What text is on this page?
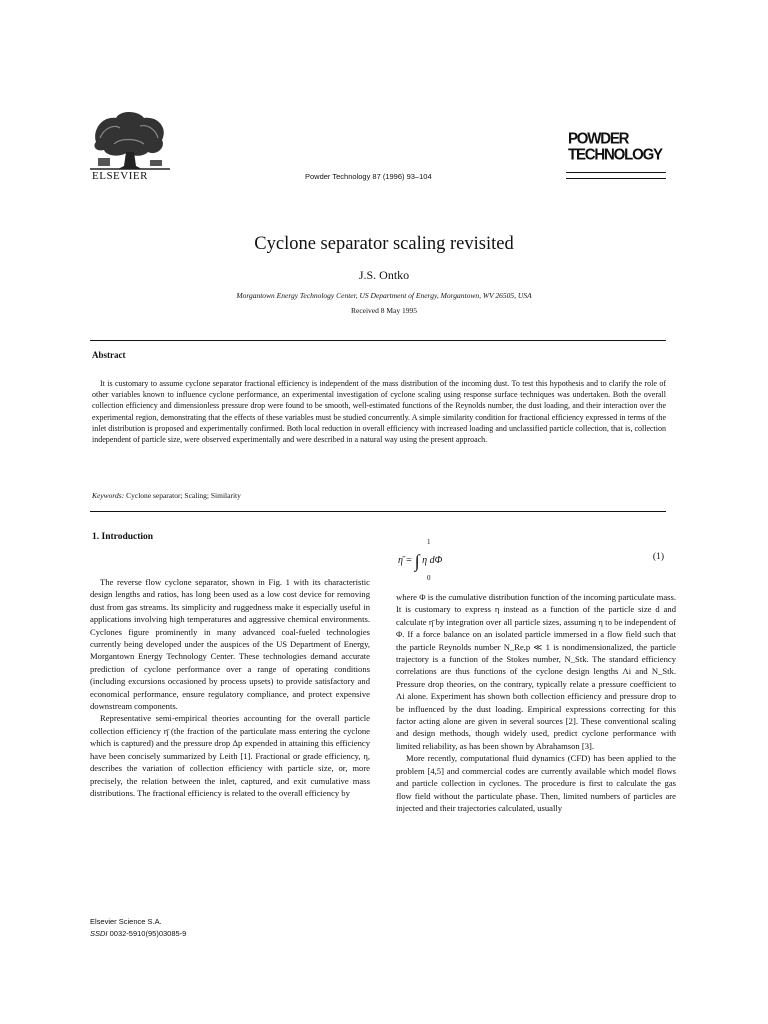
ELSEVIER	Powder Technology 87 (1996) 93–104
POWDER
TECHNOLOGY
Cyclone separator scaling revisited
J.S. Ontko
Morgantown Energy Technology Center, US Department of Energy, Morgantown, WV 26505, USA
Received 8 May 1995
Abstract
It is customary to assume cyclone separator fractional efficiency is independent of the mass distribution of the incoming dust. To test this hypothesis and to clarify the role of other variables known to influence cyclone performance, an experimental investigation of cyclone scaling using response surface techniques was undertaken. Both the overall collection efficiency and dimensionless pressure drop were found to be smooth, well-estimated functions of the Reynolds number, the dust loading, and their interaction over the experimental region, demonstrating that the effects of these variables must be studied concurrently. A simple similarity condition for fractional efficiency expressed in terms of the inlet distribution is proposed and experimentally confirmed. Both local reduction in overall efficiency with increased loading and unclassified particle collection, that is, collection independent of particle size, were observed experimentally and were described in a natural way using the present approach.
Keywords: Cyclone separator; Scaling; Similarity
1. Introduction

The reverse flow cyclone separator, shown in Fig. 1 with its characteristic design lengths and ratios, has long been used as a low cost device for removing dust from gas streams. Its simplicity and ruggedness make it especially useful in applications involving high temperatures and aggressive chemical environments. Cyclones figure prominently in many advanced coal-fueled technologies currently being developed under the auspices of the US Department of Energy, Morgantown Energy Technology Center. These technologies demand accurate prediction of cyclone performance over a range of operating conditions (including excursions occasioned by process upsets) to provide satisfactory and economical performance, ensure regulatory compliance, and protect expensive downstream components.

Representative semi-empirical theories accounting for the overall particle collection efficiency η̄ (the fraction of the particulate mass entering the cyclone which is captured) and the pressure drop Δp expended in attaining this efficiency have been concisely summarized by Leith [1]. Fractional or grade efficiency, η, describes the variation of collection efficiency with particle size, or, more precisely, the relation between the inlet, captured, and exit cumulative mass distributions. The fractional efficiency is related to the overall efficiency by

1
η̄ = ∫ η dΦ
0
(1)

where Φ is the cumulative distribution function of the incoming particulate mass. It is customary to express η instead as a function of the particle size d and calculate η̄ by integration over all particle sizes, assuming η to be independent of Φ. If a force balance on an isolated particle immersed in a flow field such that the particle Reynolds number N_Re,p ≪ 1 is nondimensionalized, the particle trajectory is a function of the Stokes number, N_Stk. The standard efficiency correlations are thus functions of the cyclone design lengths Λi and N_Stk. Pressure drop theories, on the contrary, typically relate a pressure coefficient to Λi alone. Experiment has shown both collection efficiency and pressure drop to be influenced by the dust loading. Empirical expressions correcting for this factor acting alone are given in several sources [2]. These conventional scaling and design methods, though widely used, predict cyclone performance with limited reliability, as has been shown by Abrahamson [3].

More recently, computational fluid dynamics (CFD) has been applied to the problem [4,5] and commercial codes are currently available which model flows and particle collection in cyclones. The procedure is first to calculate the gas flow field without the particulate phase. Then, limited numbers of particles are injected and their trajectories calculated, usually

Elsevier Science S.A.
SSDI 0032-5910(95)03085-9
